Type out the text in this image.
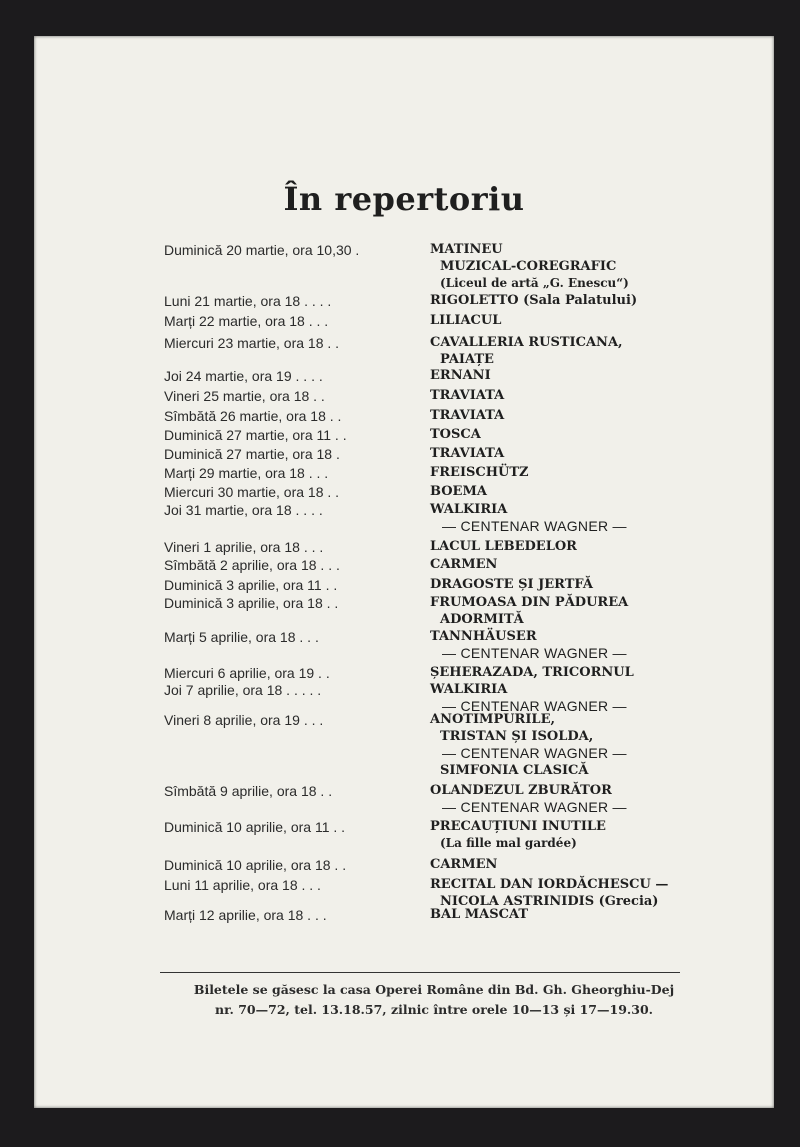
În repertoriu
Duminică 20 martie, ora 10,30 .	MATINEU
MUZICAL-COREGRAFIC
(Liceul de artă „G. Enescu“)
Luni 21 martie, ora 18 . . . .	RIGOLETTO (Sala Palatului)
Marți 22 martie, ora 18 . . .	LILIACUL
Miercuri 23 martie, ora 18 . .	CAVALLERIA RUSTICANA,
PAIAȚE
Joi 24 martie, ora 19 . . . .	ERNANI
Vineri 25 martie, ora 18 . .	TRAVIATA
Sîmbătă 26 martie, ora 18 . .	TRAVIATA
Duminică 27 martie, ora 11 . .	TOSCA
Duminică 27 martie, ora 18 .	TRAVIATA
Marți 29 martie, ora 18 . . .	FREISCHÜTZ
Miercuri 30 martie, ora 18 . .	BOEMA
Joi 31 martie, ora 18 . . . .	WALKIRIA
— CENTENAR WAGNER —
Vineri 1 aprilie, ora 18 . . .	LACUL LEBEDELOR
Sîmbătă 2 aprilie, ora 18 . . .	CARMEN
Duminică 3 aprilie, ora 11 . .	DRAGOSTE ȘI JERTFĂ
Duminică 3 aprilie, ora 18 . .	FRUMOASA DIN PĂDUREA
ADORMITĂ
Marți 5 aprilie, ora 18 . . .	TANNHÄUSER
— CENTENAR WAGNER —
Miercuri 6 aprilie, ora 19 . .	ȘEHERAZADA, TRICORNUL
Joi 7 aprilie, ora 18 . . . . .	WALKIRIA
— CENTENAR WAGNER —
Vineri 8 aprilie, ora 19 . . .	ANOTIMPURILE,
TRISTAN ȘI ISOLDA,
— CENTENAR WAGNER —
SIMFONIA CLASICĂ
Sîmbătă 9 aprilie, ora 18 . .	OLANDEZUL ZBURĂTOR
— CENTENAR WAGNER —
Duminică 10 aprilie, ora 11 . .	PRECAUȚIUNI INUTILE
(La fille mal gardée)
Duminică 10 aprilie, ora 18 . .	CARMEN
Luni 11 aprilie, ora 18 . . .	RECITAL DAN IORDĂCHESCU —
NICOLA ASTRINIDIS (Grecia)
Marți 12 aprilie, ora 18 . . .	BAL MASCAT
Biletele se găsesc la casa Operei Române din Bd. Gh. Gheorghiu-Dej
nr. 70—72, tel. 13.18.57, zilnic între orele 10—13 și 17—19.30.
